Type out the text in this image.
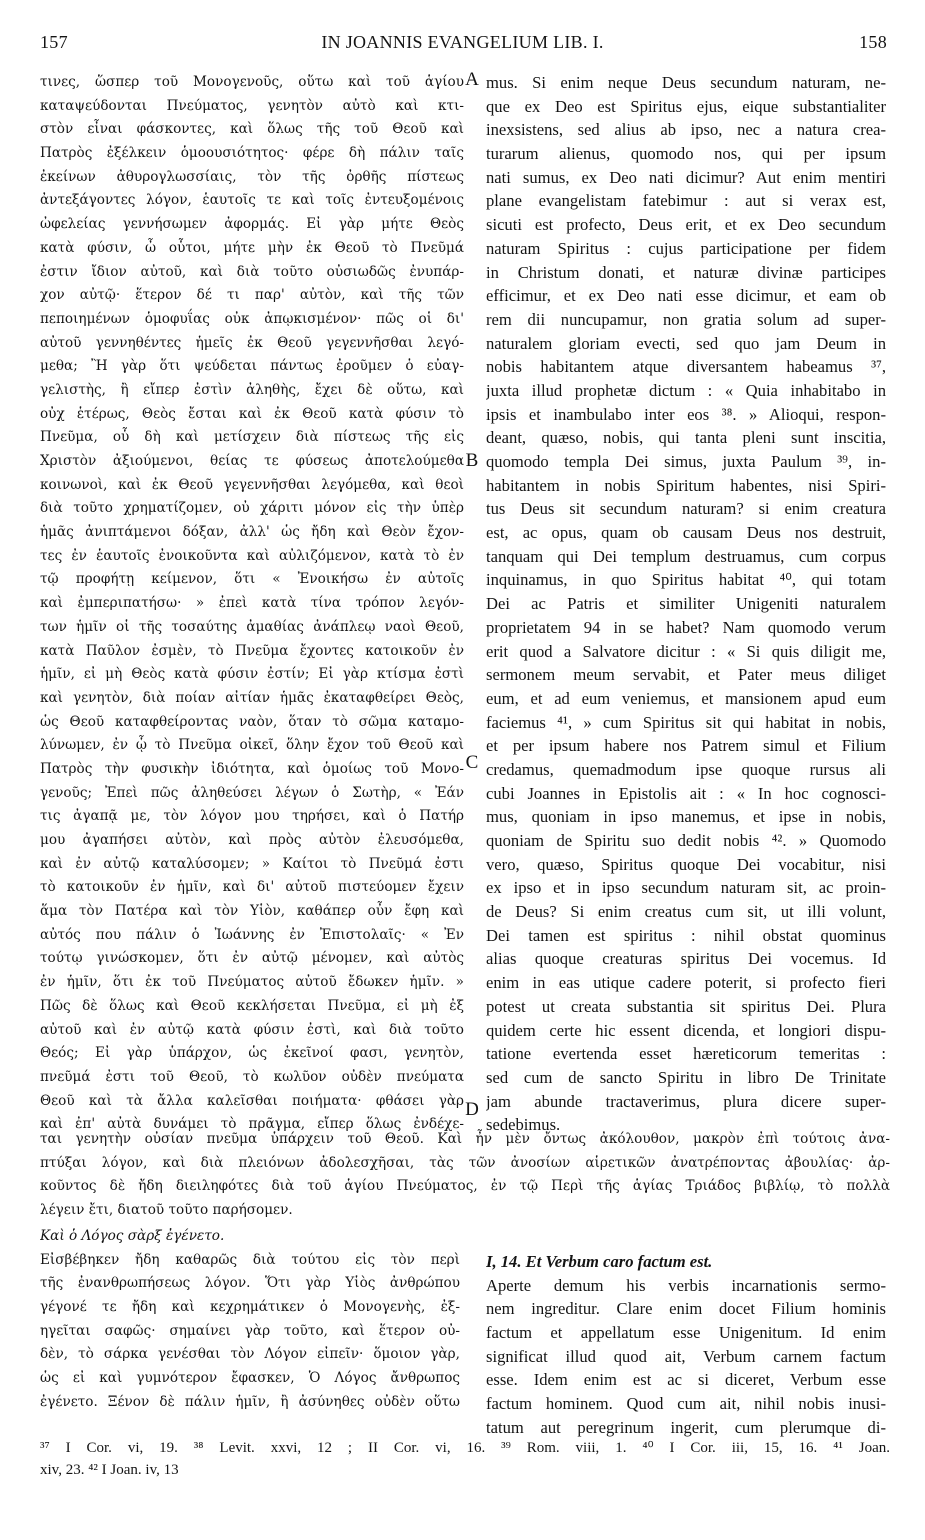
157	IN JOANNIS EVANGELIUM LIB. I.	158
τινες, ὥσπερ τοῦ Μονογενοῦς, οὕτω καὶ τοῦ ἁγίου
καταψεύδονται Πνεύματος, γενητὸν αὐτὸ καὶ κτι-
στὸν εἶναι φάσκοντες, καὶ ὅλως τῆς τοῦ Θεοῦ καὶ
Πατρὸς ἐξέλκειν ὁμοουσιότητος· φέρε δὴ πάλιν ταῖς
ἐκείνων ἀθυρογλωσσίαις, τὸν τῆς ὀρθῆς πίστεως
ἀντεξάγοντες λόγον, ἑαυτοῖς τε καὶ τοῖς ἐντευξομένοις
ὠφελείας γεννήσωμεν ἀφορμάς. Εἰ γὰρ μήτε Θεὸς
κατὰ φύσιν, ὦ οὗτοι, μήτε μὴν ἐκ Θεοῦ τὸ Πνεῦμά
ἐστιν ἴδιον αὐτοῦ, καὶ διὰ τοῦτο οὐσιωδῶς ἐνυπάρ-
χον αὐτῷ· ἕτερον δέ τι παρ' αὐτὸν, καὶ τῆς τῶν
πεποιημένων ὁμοφυΐας οὐκ ἀπῳκισμένον· πῶς οἱ δι'
αὐτοῦ γεννηθέντες ἡμεῖς ἐκ Θεοῦ γεγεννῆσθαι λεγό-
μεθα; Ἢ γὰρ ὅτι ψεύδεται πάντως ἐροῦμεν ὁ εὐαγ-
γελιστὴς, ἢ εἴπερ ἐστὶν ἀληθὴς, ἔχει δὲ οὕτω, καὶ
οὐχ ἑτέρως, Θεὸς ἔσται καὶ ἐκ Θεοῦ κατὰ φύσιν τὸ
Πνεῦμα, οὗ δὴ καὶ μετίσχειν διὰ πίστεως τῆς εἰς
Χριστὸν ἀξιούμενοι, θείας τε φύσεως ἀποτελούμεθα
κοινωνοὶ, καὶ ἐκ Θεοῦ γεγεννῆσθαι λεγόμεθα, καὶ θεοὶ
διὰ τοῦτο χρηματίζομεν, οὐ χάριτι μόνον εἰς τὴν ὑπὲρ
ἡμᾶς ἀνιπτάμενοι δόξαν, ἀλλ' ὡς ἤδη καὶ Θεὸν ἔχον-
τες ἐν ἑαυτοῖς ἐνοικοῦντα καὶ αὐλιζόμενον, κατὰ τὸ ἐν
τῷ προφήτῃ κείμενον, ὅτι « Ἐνοικήσω ἐν αὐτοῖς
καὶ ἐμπεριπατήσω· » ἐπεὶ κατὰ τίνα τρόπον λεγόν-
των ἡμῖν οἱ τῆς τοσαύτης ἀμαθίας ἀνάπλεῳ ναοὶ Θεοῦ,
κατὰ Παῦλον ἐσμὲν, τὸ Πνεῦμα ἔχοντες κατοικοῦν ἐν
ἡμῖν, εἰ μὴ Θεὸς κατὰ φύσιν ἐστίν; Εἰ γὰρ κτίσμα ἐστὶ
καὶ γενητὸν, διὰ ποίαν αἰτίαν ἡμᾶς ἐκαταφθείρει Θεὸς,
ὡς Θεοῦ καταφθείροντας ναὸν, ὅταν τὸ σῶμα καταμο-
λύνωμεν, ἐν ᾧ τὸ Πνεῦμα οἰκεῖ, ὅλην ἔχον τοῦ Θεοῦ καὶ
Πατρὸς τὴν φυσικὴν ἰδιότητα, καὶ ὁμοίως τοῦ Μονο-
γενοῦς; Ἐπεὶ πῶς ἀληθεύσει λέγων ὁ Σωτὴρ, « Ἐάν
τις ἀγαπᾷ με, τὸν λόγον μου τηρήσει, καὶ ὁ Πατήρ
μου ἀγαπήσει αὐτὸν, καὶ πρὸς αὐτὸν ἐλευσόμεθα,
καὶ ἐν αὐτῷ καταλύσομεν; » Καίτοι τὸ Πνεῦμά ἐστι
τὸ κατοικοῦν ἐν ἡμῖν, καὶ δι' αὐτοῦ πιστεύομεν ἔχειν
ἅμα τὸν Πατέρα καὶ τὸν Υἱὸν, καθάπερ οὖν ἔφη καὶ
αὐτός που πάλιν ὁ Ἰωάννης ἐν Ἐπιστολαῖς· « Ἐν
τούτῳ γινώσκομεν, ὅτι ἐν αὐτῷ μένομεν, καὶ αὐτὸς
ἐν ἡμῖν, ὅτι ἐκ τοῦ Πνεύματος αὐτοῦ ἔδωκεν ἡμῖν. »
Πῶς δὲ ὅλως καὶ Θεοῦ κεκλήσεται Πνεῦμα, εἰ μὴ ἐξ
αὐτοῦ καὶ ἐν αὐτῷ κατὰ φύσιν ἐστὶ, καὶ διὰ τοῦτο
Θεός; Εἰ γὰρ ὑπάρχον, ὡς ἐκεῖνοί φασι, γενητὸν,
πνεῦμά ἐστι τοῦ Θεοῦ, τὸ κωλῦον οὐδὲν πνεύματα
Θεοῦ καὶ τὰ ἄλλα καλεῖσθαι ποιήματα· φθάσει γὰρ
καὶ ἐπ' αὐτὰ δυνάμει τὸ πρᾶγμα, εἴπερ ὅλως ἐνδέχε-
mus. Si enim neque Deus secundum naturam, ne-
que ex Deo est Spiritus ejus, eique substantialiter
inexsistens, sed alius ab ipso, nec a natura crea-
turarum alienus, quomodo nos, qui per ipsum
nati sumus, ex Deo nati dicimur? Aut enim mentiri
plane evangelistam fatebimur : aut si verax est,
sicuti est profecto, Deus erit, et ex Deo secundum
naturam Spiritus : cujus participatione per fidem
in Christum donati, et naturæ divinæ participes
efficimur, et ex Deo nati esse dicimur, et eam ob
rem dii nuncupamur, non gratia solum ad super-
naturalem gloriam evecti, sed quo jam Deum in
nobis habitantem atque diversantem habeamus ³⁷,
juxta illud prophetæ dictum : « Quia inhabitabo in
ipsis et inambulabo inter eos ³⁸. » Alioqui, respon-
deant, quæso, nobis, qui tanta pleni sunt inscitia,
quomodo templa Dei simus, juxta Paulum ³⁹, in-
habitantem in nobis Spiritum habentes, nisi Spiri-
tus Deus sit secundum naturam? si enim creatura
est, ac opus, quam ob causam Deus nos destruit,
tanquam qui Dei templum destruamus, cum corpus
inquinamus, in quo Spiritus habitat ⁴⁰, qui totam
Dei ac Patris et similiter Unigeniti naturalem
proprietatem 94 in se habet? Nam quomodo verum
erit quod a Salvatore dicitur : « Si quis diligit me,
sermonem meum servabit, et Pater meus diliget
eum, et ad eum veniemus, et mansionem apud eum
faciemus ⁴¹, » cum Spiritus sit qui habitat in nobis,
et per ipsum habere nos Patrem simul et Filium
credamus, quemadmodum ipse quoque rursus ali
cubi Joannes in Epistolis ait : « In hoc cognosci-
mus, quoniam in ipso manemus, et ipse in nobis,
quoniam de Spiritu suo dedit nobis ⁴². » Quomodo
vero, quæso, Spiritus quoque Dei vocabitur, nisi
ex ipso et in ipso secundum naturam sit, ac proin-
de Deus? Si enim creatus cum sit, ut illi volunt,
Dei tamen est spiritus : nihil obstat quominus
alias quoque creaturas spiritus Dei vocemus. Id
enim in eas utique cadere poterit, si profecto fieri
potest ut creata substantia sit spiritus Dei. Plura
quidem certe hic essent dicenda, et longiori dispu-
tatione evertenda esset hæreticorum temeritas :
sed cum de sancto Spiritu in libro De Trinitate
jam abunde tractaverimus, plura dicere super-
sedebimus.
A
B
C
D
ται γενητὴν οὐσίαν πνεῦμα ὑπάρχειν τοῦ Θεοῦ. Καὶ ἦν μὲν ὄντως ἀκόλουθον, μακρὸν ἐπὶ τούτοις ἀνα-
πτύξαι λόγον, καὶ διὰ πλειόνων ἀδολεσχῆσαι, τὰς τῶν ἀνοσίων αἱρετικῶν ἀνατρέποντας ἀβουλίας· ἀρ-
κοῦντος δὲ ἤδη διειληφότες διὰ τοῦ ἁγίου Πνεύματος, ἐν τῷ Περὶ τῆς ἁγίας Τριάδος βιβλίῳ, τὸ πολλὰ
λέγειν ἔτι, διατοῦ τοῦτο παρήσομεν.
Καὶ ὁ Λόγος σὰρξ ἐγένετο.
Εἰσβέβηκεν ἤδη καθαρῶς διὰ τούτου εἰς τὸν περὶ
τῆς ἐνανθρωπήσεως λόγον. Ὅτι γὰρ Υἱὸς ἀνθρώπου
γέγονέ τε ἤδη καὶ κεχρημάτικεν ὁ Μονογενὴς, ἐξ-
ηγεῖται σαφῶς· σημαίνει γὰρ τοῦτο, καὶ ἕτερον οὐ-
δὲν, τὸ σάρκα γενέσθαι τὸν Λόγον εἰπεῖν· ὅμοιον γὰρ,
ὡς εἰ καὶ γυμνότερον ἔφασκεν, Ὁ Λόγος ἄνθρωπος
ἐγένετο. Ξένον δὲ πάλιν ἡμῖν, ἢ ἀσύνηθες οὐδὲν οὕτω
I, 14. Et Verbum caro factum est.
Aperte demum his verbis incarnationis sermo-
nem ingreditur. Clare enim docet Filium hominis
factum et appellatum esse Unigenitum. Id enim
significat illud quod ait, Verbum carnem factum
esse. Idem enim est ac si diceret, Verbum esse
factum hominem. Quod cum ait, nihil nobis inusi-
tatum aut peregrinum ingerit, cum plerumque di-
³⁷ I Cor. vi, 19. ³⁸ Levit. xxvi, 12 ; II Cor. vi, 16. ³⁹ Rom. viii, 1. ⁴⁰ I Cor. iii, 15, 16. ⁴¹ Joan.
xiv, 23. ⁴² I Joan. iv, 13
